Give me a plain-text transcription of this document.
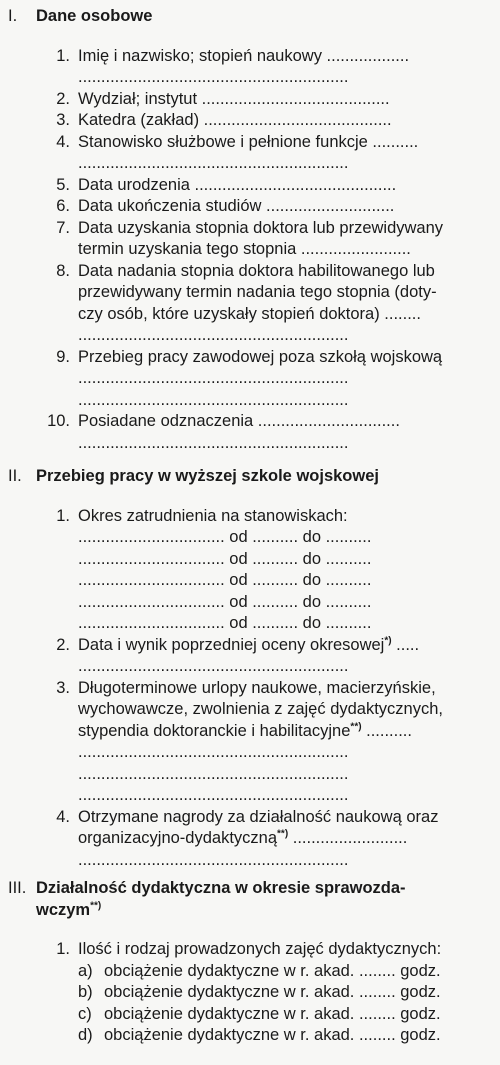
I.	Dane osobowe
1. Imię i nazwisko; stopień naukowy ..................
...........................................................
2. Wydział; instytut .........................................
3. Katedra (zakład) .........................................
4. Stanowisko służbowe i pełnione funkcje ..........
...........................................................
5. Data urodzenia ............................................
6. Data ukończenia studiów ............................
7. Data uzyskania stopnia doktora lub przewidywany
termin uzyskania tego stopnia ........................
8. Data nadania stopnia doktora habilitowanego lub
przewidywany termin nadania tego stopnia (doty-
czy osób, które uzyskały stopień doktora) ........
...........................................................
9. Przebieg pracy zawodowej poza szkołą wojskową
...........................................................
...........................................................
10. Posiadane odznaczenia ...............................
...........................................................
II. Przebieg pracy w wyższej szkole wojskowej
1. Okres zatrudnienia na stanowiskach:
................................ od .......... do ..........
................................ od .......... do ..........
................................ od .......... do ..........
................................ od .......... do ..........
................................ od .......... do ..........
2. Data i wynik poprzedniej oceny okresowej*) .....
...........................................................
3. Długoterminowe urlopy naukowe, macierzyńskie,
wychowawcze, zwolnienia z zajęć dydaktycznych,
stypendia doktoranckie i habilitacyjne**) ..........
...........................................................
...........................................................
...........................................................
4. Otrzymane nagrody za działalność naukową oraz
organizacyjno-dydaktyczną**) .........................
...........................................................
III. Działalność dydaktyczna w okresie sprawozda-
wczym**)
1. Ilość i rodzaj prowadzonych zajęć dydaktycznych:
a) obciążenie dydaktyczne w r. akad. ........ godz.
b) obciążenie dydaktyczne w r. akad. ........ godz.
c) obciążenie dydaktyczne w r. akad. ........ godz.
d) obciążenie dydaktyczne w r. akad. ........ godz.
